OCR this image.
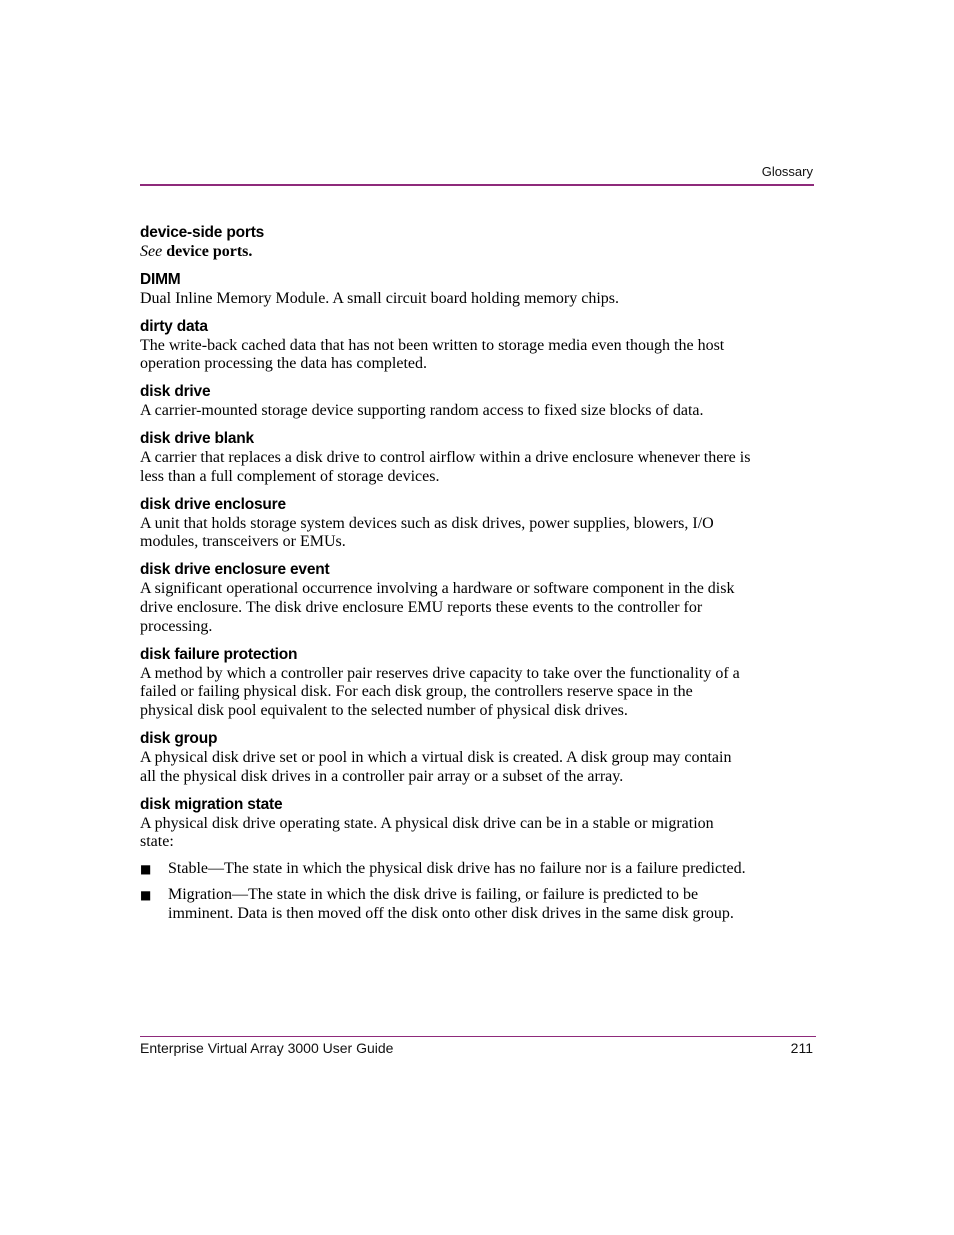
Glossary

device-side ports

See device ports.

DIMM

Dual Inline Memory Module. A small circuit board holding memory chips.

dirty data

The write-back cached data that has not been written to storage media even though the host
operation processing the data has completed.

disk drive

A carrier-mounted storage device supporting random access to fixed size blocks of data.

disk drive blank

A carrier that replaces a disk drive to control airflow within a drive enclosure whenever there is
less than a full complement of storage devices.

disk drive enclosure

A unit that holds storage system devices such as disk drives, power supplies, blowers, I/O
modules, transceivers or EMUs.

disk drive enclosure event

A significant operational occurrence involving a hardware or software component in the disk
drive enclosure. The disk drive enclosure EMU reports these events to the controller for
processing.

disk failure protection

A method by which a controller pair reserves drive capacity to take over the functionality of a
failed or failing physical disk. For each disk group, the controllers reserve space in the
physical disk pool equivalent to the selected number of physical disk drives.

disk group

A physical disk drive set or pool in which a virtual disk is created. A disk group may contain
all the physical disk drives in a controller pair array or a subset of the array.

disk migration state

A physical disk drive operating state. A physical disk drive can be in a stable or migration
state:

■ Stable—The state in which the physical disk drive has no failure nor is a failure predicted.
■ Migration—The state in which the disk drive is failing, or failure is predicted to be
imminent. Data is then moved off the disk onto other disk drives in the same disk group.
Enterprise Virtual Array 3000 User Guide	211
